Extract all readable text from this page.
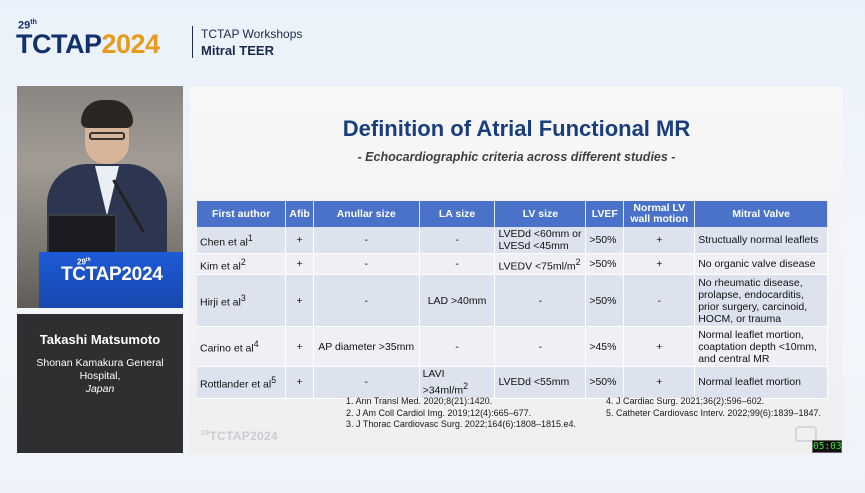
29th
TCTAP2024	TCTAP Workshops
Mitral TEER
29th
TCTAP2024
Takashi Matsumoto
Shonan Kamakura General Hospital,
Japan
Definition of Atrial Functional MR
- Echocardiographic criteria across different studies -
First author	Afib	Anullar size	LA size	LV size	LVEF	Normal LV wall motion	Mitral Valve
Chen et $al^1$	+	-	-	LVEDd <60mm or LVESd <45mm	>50%	+	Structually normal leaflets
Kim et $al^2$	+	-	-	LVEDV $<75ml/m^2$	>50%	+	No organic valve disease
Hirji et $al^3$	+	-	LAD >40mm	-	>50%	-	No rheumatic disease, prolapse, endocarditis, prior surgery, carcinoid, HOCM, or trauma
Carino et $al^4$	+	AP diameter >35mm	-	-	>45%	+	Normal leaflet mortion, coaptation depth <10mm, and central MR
Rottlander et $al^5$	+	-	LAVI $>34ml/m^2$	LVEDd <55mm	>50%	+	Normal leaflet mortion
1. Ann Transl Med. 2020;8(21):1420.
2. J Am Coll Cardiol Img. 2019;12(4):665–677.
3. J Thorac Cardiovasc Surg. 2022;164(6):1808–1815.e4.
4. J Cardiac Surg. 2021;36(2):596–602.
5. Catheter Cardiovasc Interv. 2022;99(6):1839–1847.
$^{29}$TCTAP2024
05:03
